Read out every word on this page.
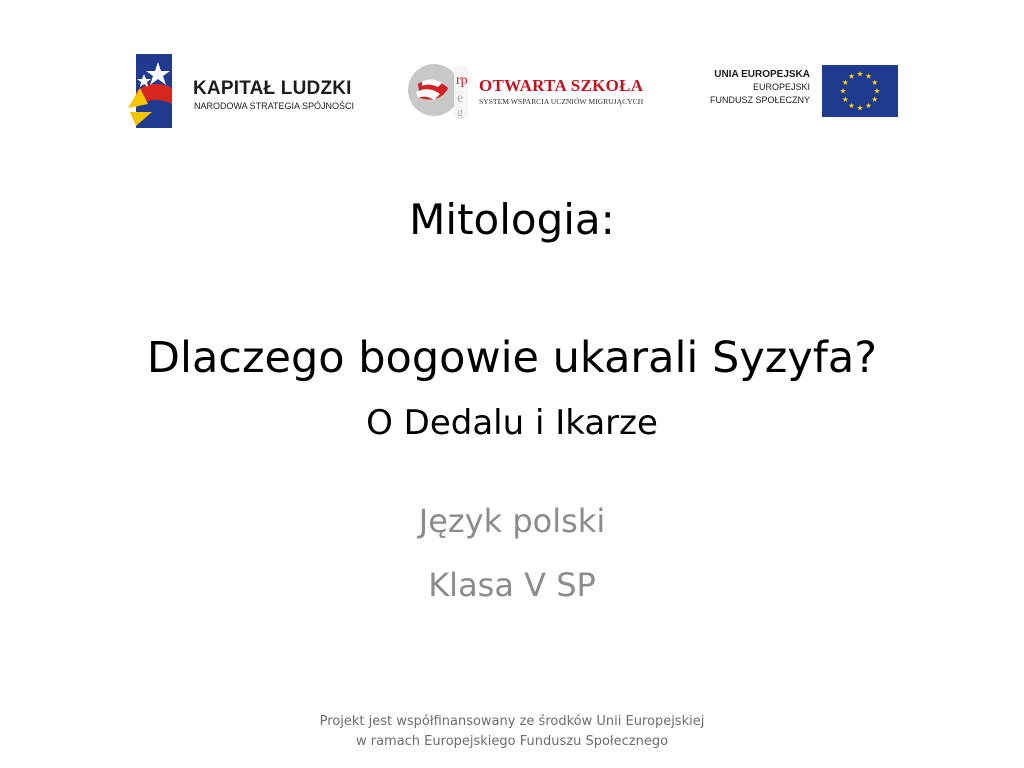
KAPITAŁ LUDZKI
NARODOWA STRATEGIA SPÓJNOŚCI
rp
e
g
OTWARTA SZKOŁA
SYSTEM WSPARCIA UCZNIÓW MIGRUJĄCYCH
UNIA EUROPEJSKA
EUROPEJSKI
FUNDUSZ SPOŁECZNY
Mitologia:
Dlaczego bogowie ukarali Syzyfa?
O Dedalu i Ikarze
Język polski
Klasa V SP
Projekt jest współfinansowany ze środków Unii Europejskiej
w ramach Europejskiego Funduszu Społecznego
